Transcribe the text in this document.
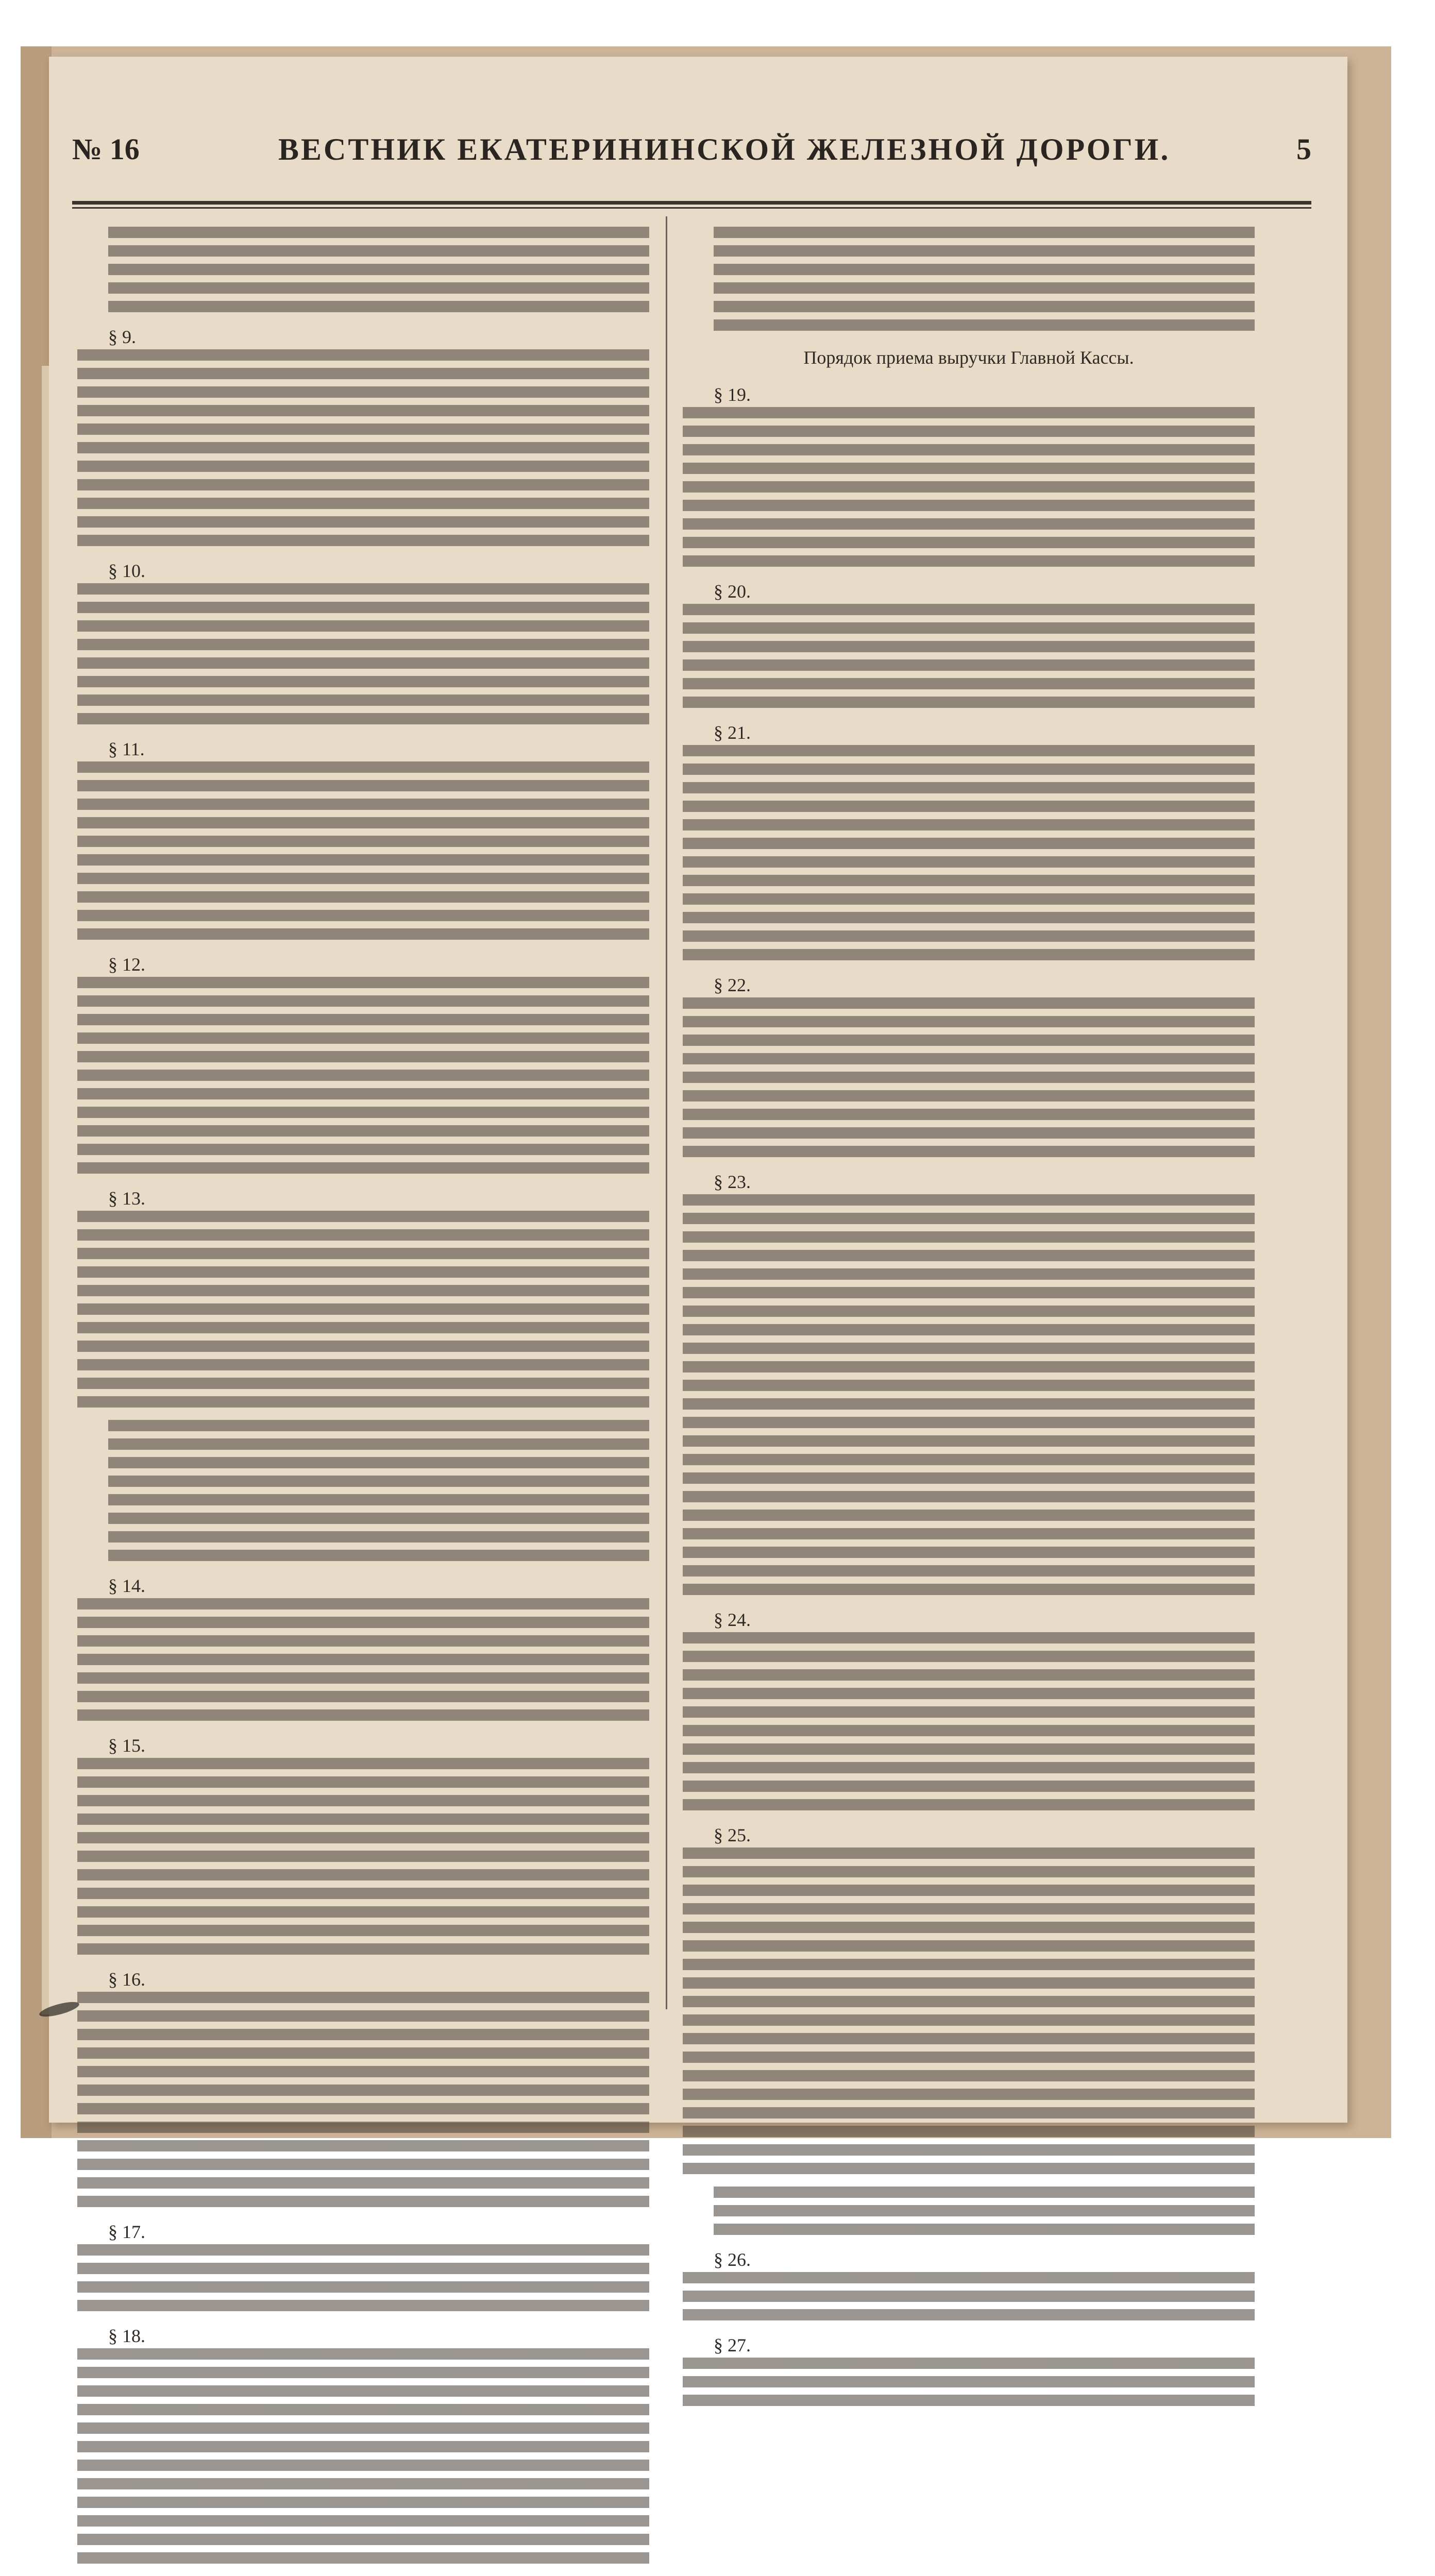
№ 16	ВЕСТНИК ЕКАТЕРИНИНСКОЙ ЖЕЛЕЗНОЙ ДОРОГИ.	5
§ 9.
§ 10.
§ 11.
§ 12.
§ 13.
§ 14.
§ 15.
§ 16.
§ 17.
§ 18.
Порядок приема выручки Главной Кассы.
§ 19.
§ 20.
§ 21.
§ 22.
§ 23.
§ 24.
§ 25.
§ 26.
§ 27.
